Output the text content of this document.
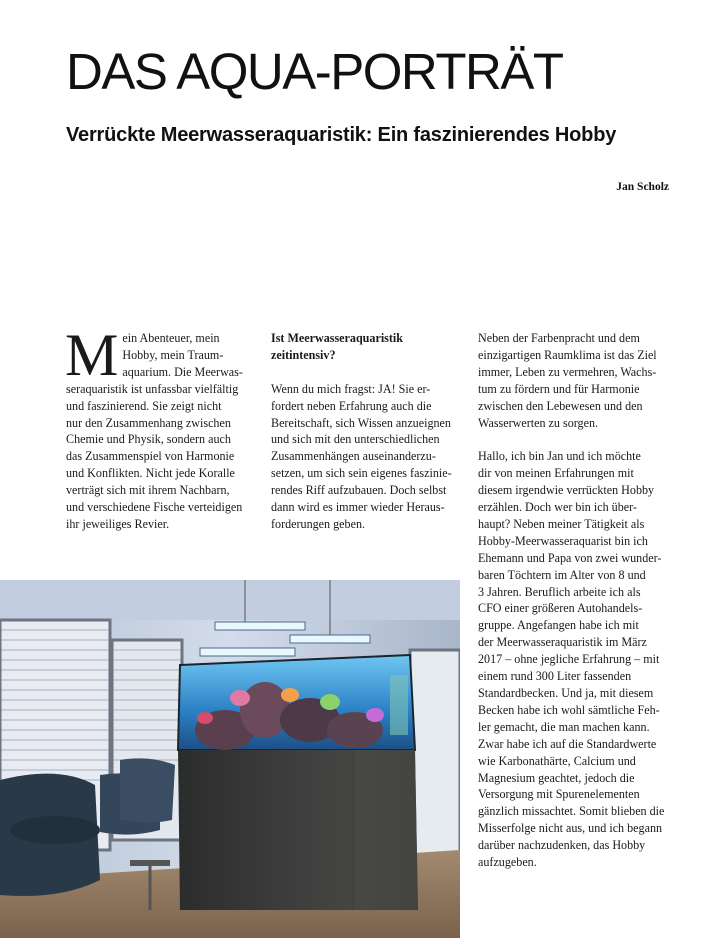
DAS AQUA-PORTRÄT
Verrückte Meerwasseraquaristik: Ein faszinierendes Hobby
Jan Scholz
M ein Abenteuer, mein

Hobby, mein Traum-

aquarium. Die Meerwas-

seraquaristik ist unfassbar vielfältig

und faszinierend. Sie zeigt nicht

nur den Zusammenhang zwischen

Chemie und Physik, sondern auch

das Zusammenspiel von Harmonie

und Konflikten. Nicht jede Koralle

verträgt sich mit ihrem Nachbarn,

und verschiedene Fische verteidigen

ihr jeweiliges Revier.

Ist Meerwasseraquaristik

zeitintensiv?

Wenn du mich fragst: JA! Sie er-

fordert neben Erfahrung auch die

Bereitschaft, sich Wissen anzueignen

und sich mit den unterschiedlichen

Zusammenhängen auseinanderzu-

setzen, um sich sein eigenes faszinie-

rendes Riff aufzubauen. Doch selbst

dann wird es immer wieder Heraus-

forderungen geben.

Neben der Farbenpracht und dem

einzigartigen Raumklima ist das Ziel

immer, Leben zu vermehren, Wachs-

tum zu fördern und für Harmonie

zwischen den Lebewesen und den

Wasserwerten zu sorgen.

Hallo, ich bin Jan und ich möchte

dir von meinen Erfahrungen mit

diesem irgendwie verrückten Hobby

erzählen. Doch wer bin ich über-

haupt? Neben meiner Tätigkeit als

Hobby-Meerwasseraquarist bin ich

Ehemann und Papa von zwei wunder-

baren Töchtern im Alter von 8 und

3 Jahren. Beruflich arbeite ich als

CFO einer größeren Autohandels-

gruppe. Angefangen habe ich mit

der Meerwasseraquaristik im März

2017 – ohne jegliche Erfahrung – mit

einem rund 300 Liter fassenden

Standardbecken. Und ja, mit diesem

Becken habe ich wohl sämtliche Feh-

ler gemacht, die man machen kann.

Zwar habe ich auf die Standardwerte

wie Karbonathärte, Calcium und

Magnesium geachtet, jedoch die

Versorgung mit Spurenelementen

gänzlich missachtet. Somit blieben die

Misserfolge nicht aus, und ich begann

darüber nachzudenken, das Hobby

aufzugeben.
